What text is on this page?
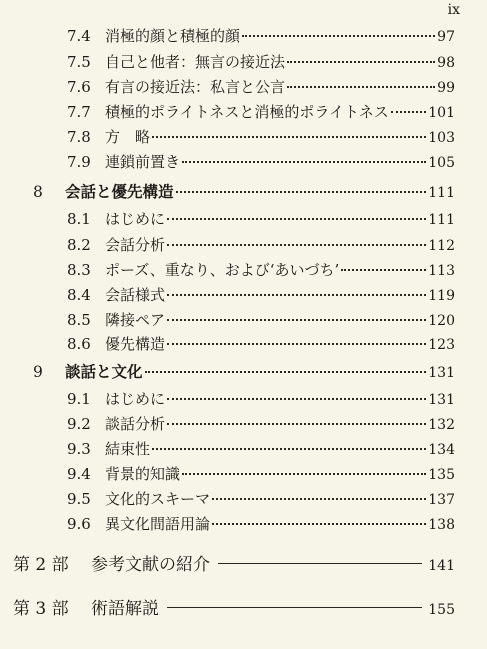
ix
7.4 消極的顔と積極的顔	97
7.5 自己と他者：無言の接近法	98
7.6 有言の接近法：私言と公言	99
7.7 積極的ポライトネスと消極的ポライトネス	101
7.8 方　略	103
7.9 連鎖前置き	105
8	会話と優先構造	111
8.1 はじめに	111
8.2 会話分析	112
8.3 ポーズ、重なり、および‘あいづち’	113
8.4 会話様式	119
8.5 隣接ペア	120
8.6 優先構造	123
9	談話と文化	131
9.1 はじめに	131
9.2 談話分析	132
9.3 結束性	134
9.4 背景的知識	135
9.5 文化的スキーマ	137
9.6 異文化間語用論	138
第 2 部	参考文献の紹介	141
第 3 部	術語解説	155
